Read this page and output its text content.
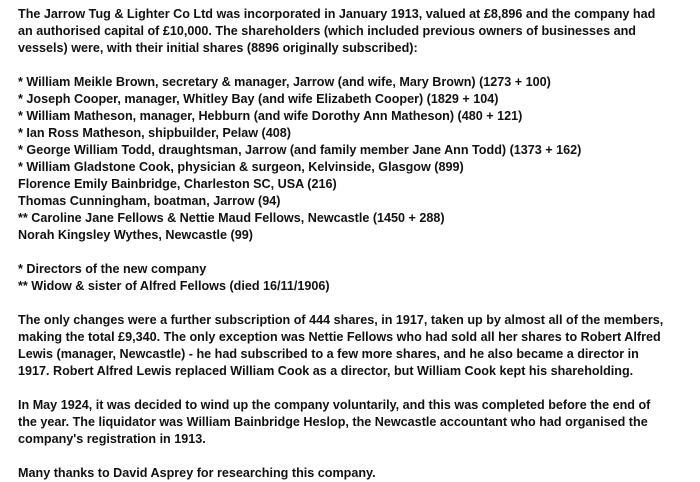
The Jarrow Tug & Lighter Co Ltd was incorporated in January 1913, valued at £8,896 and the company had
an authorised capital of £10,000. The shareholders (which included previous owners of businesses and
vessels) were, with their initial shares (8896 originally subscribed):
* William Meikle Brown, secretary & manager, Jarrow (and wife, Mary Brown) (1273 + 100)
* Joseph Cooper, manager, Whitley Bay (and wife Elizabeth Cooper) (1829 + 104)
* William Matheson, manager, Hebburn (and wife Dorothy Ann Matheson) (480 + 121)
* Ian Ross Matheson, shipbuilder, Pelaw (408)
* George William Todd, draughtsman, Jarrow (and family member Jane Ann Todd) (1373 + 162)
* William Gladstone Cook, physician & surgeon, Kelvinside, Glasgow (899)
Florence Emily Bainbridge, Charleston SC, USA (216)
Thomas Cunningham, boatman, Jarrow (94)
** Caroline Jane Fellows & Nettie Maud Fellows, Newcastle (1450 + 288)
Norah Kingsley Wythes, Newcastle (99)
* Directors of the new company
** Widow & sister of Alfred Fellows (died 16/11/1906)
The only changes were a further subscription of 444 shares, in 1917, taken up by almost all of the members,
making the total £9,340. The only exception was Nettie Fellows who had sold all her shares to Robert Alfred
Lewis (manager, Newcastle) - he had subscribed to a few more shares, and he also became a director in
1917. Robert Alfred Lewis replaced William Cook as a director, but William Cook kept his shareholding.
In May 1924, it was decided to wind up the company voluntarily, and this was completed before the end of
the year. The liquidator was William Bainbridge Heslop, the Newcastle accountant who had organised the
company's registration in 1913.
Many thanks to David Asprey for researching this company.
